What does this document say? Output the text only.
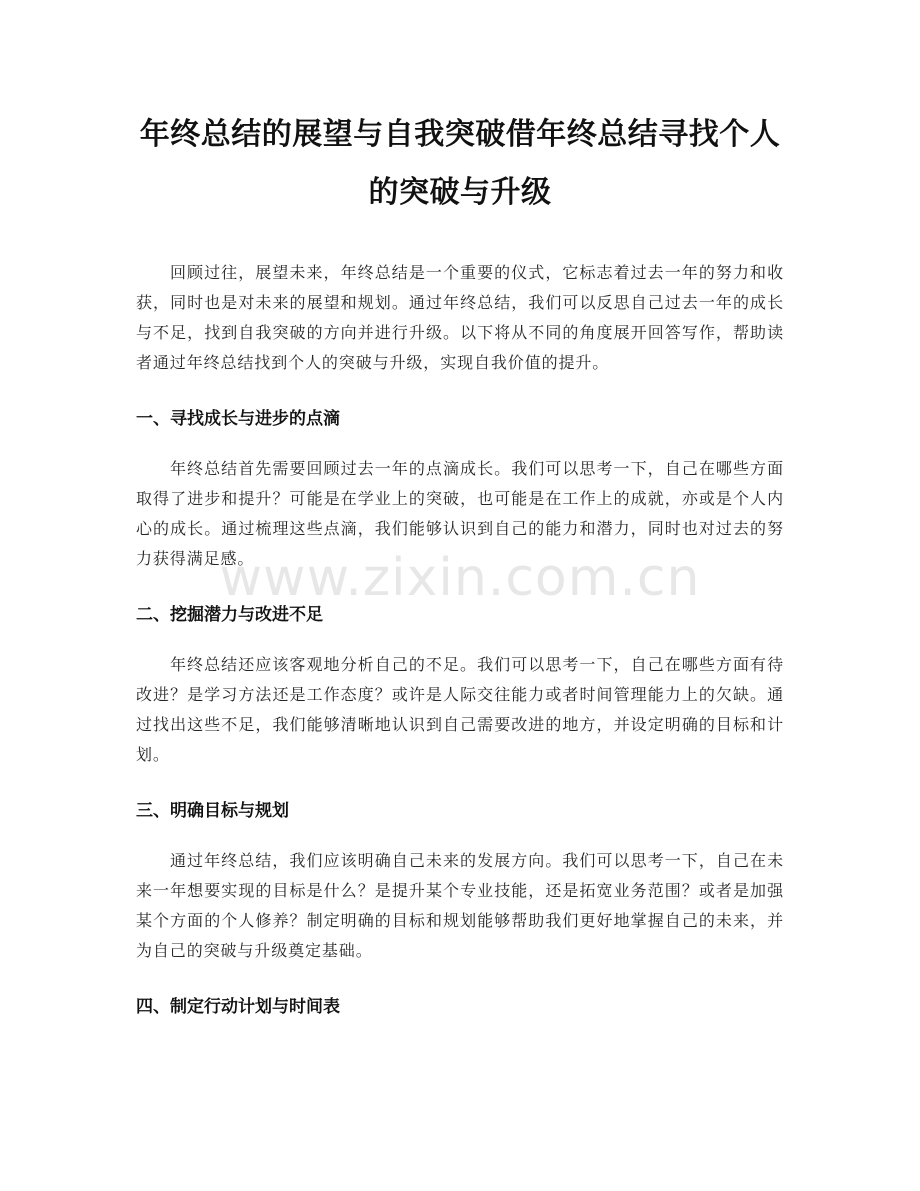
年终总结的展望与自我突破借年终总结寻找个人的突破与升级

回顾过往，展望未来，年终总结是一个重要的仪式，它标志着过去一年的努力和收获，同时也是对未来的展望和规划。通过年终总结，我们可以反思自己过去一年的成长与不足，找到自我突破的方向并进行升级。以下将从不同的角度展开回答写作，帮助读者通过年终总结找到个人的突破与升级，实现自我价值的提升。

一、寻找成长与进步的点滴

年终总结首先需要回顾过去一年的点滴成长。我们可以思考一下，自己在哪些方面取得了进步和提升？可能是在学业上的突破，也可能是在工作上的成就，亦或是个人内心的成长。通过梳理这些点滴，我们能够认识到自己的能力和潜力，同时也对过去的努力获得满足感。

二、挖掘潜力与改进不足

年终总结还应该客观地分析自己的不足。我们可以思考一下，自己在哪些方面有待改进？是学习方法还是工作态度？或许是人际交往能力或者时间管理能力上的欠缺。通过找出这些不足，我们能够清晰地认识到自己需要改进的地方，并设定明确的目标和计划。

三、明确目标与规划

通过年终总结，我们应该明确自己未来的发展方向。我们可以思考一下，自己在未来一年想要实现的目标是什么？是提升某个专业技能，还是拓宽业务范围？或者是加强某个方面的个人修养？制定明确的目标和规划能够帮助我们更好地掌握自己的未来，并为自己的突破与升级奠定基础。

四、制定行动计划与时间表
www.zixin.com.cn
